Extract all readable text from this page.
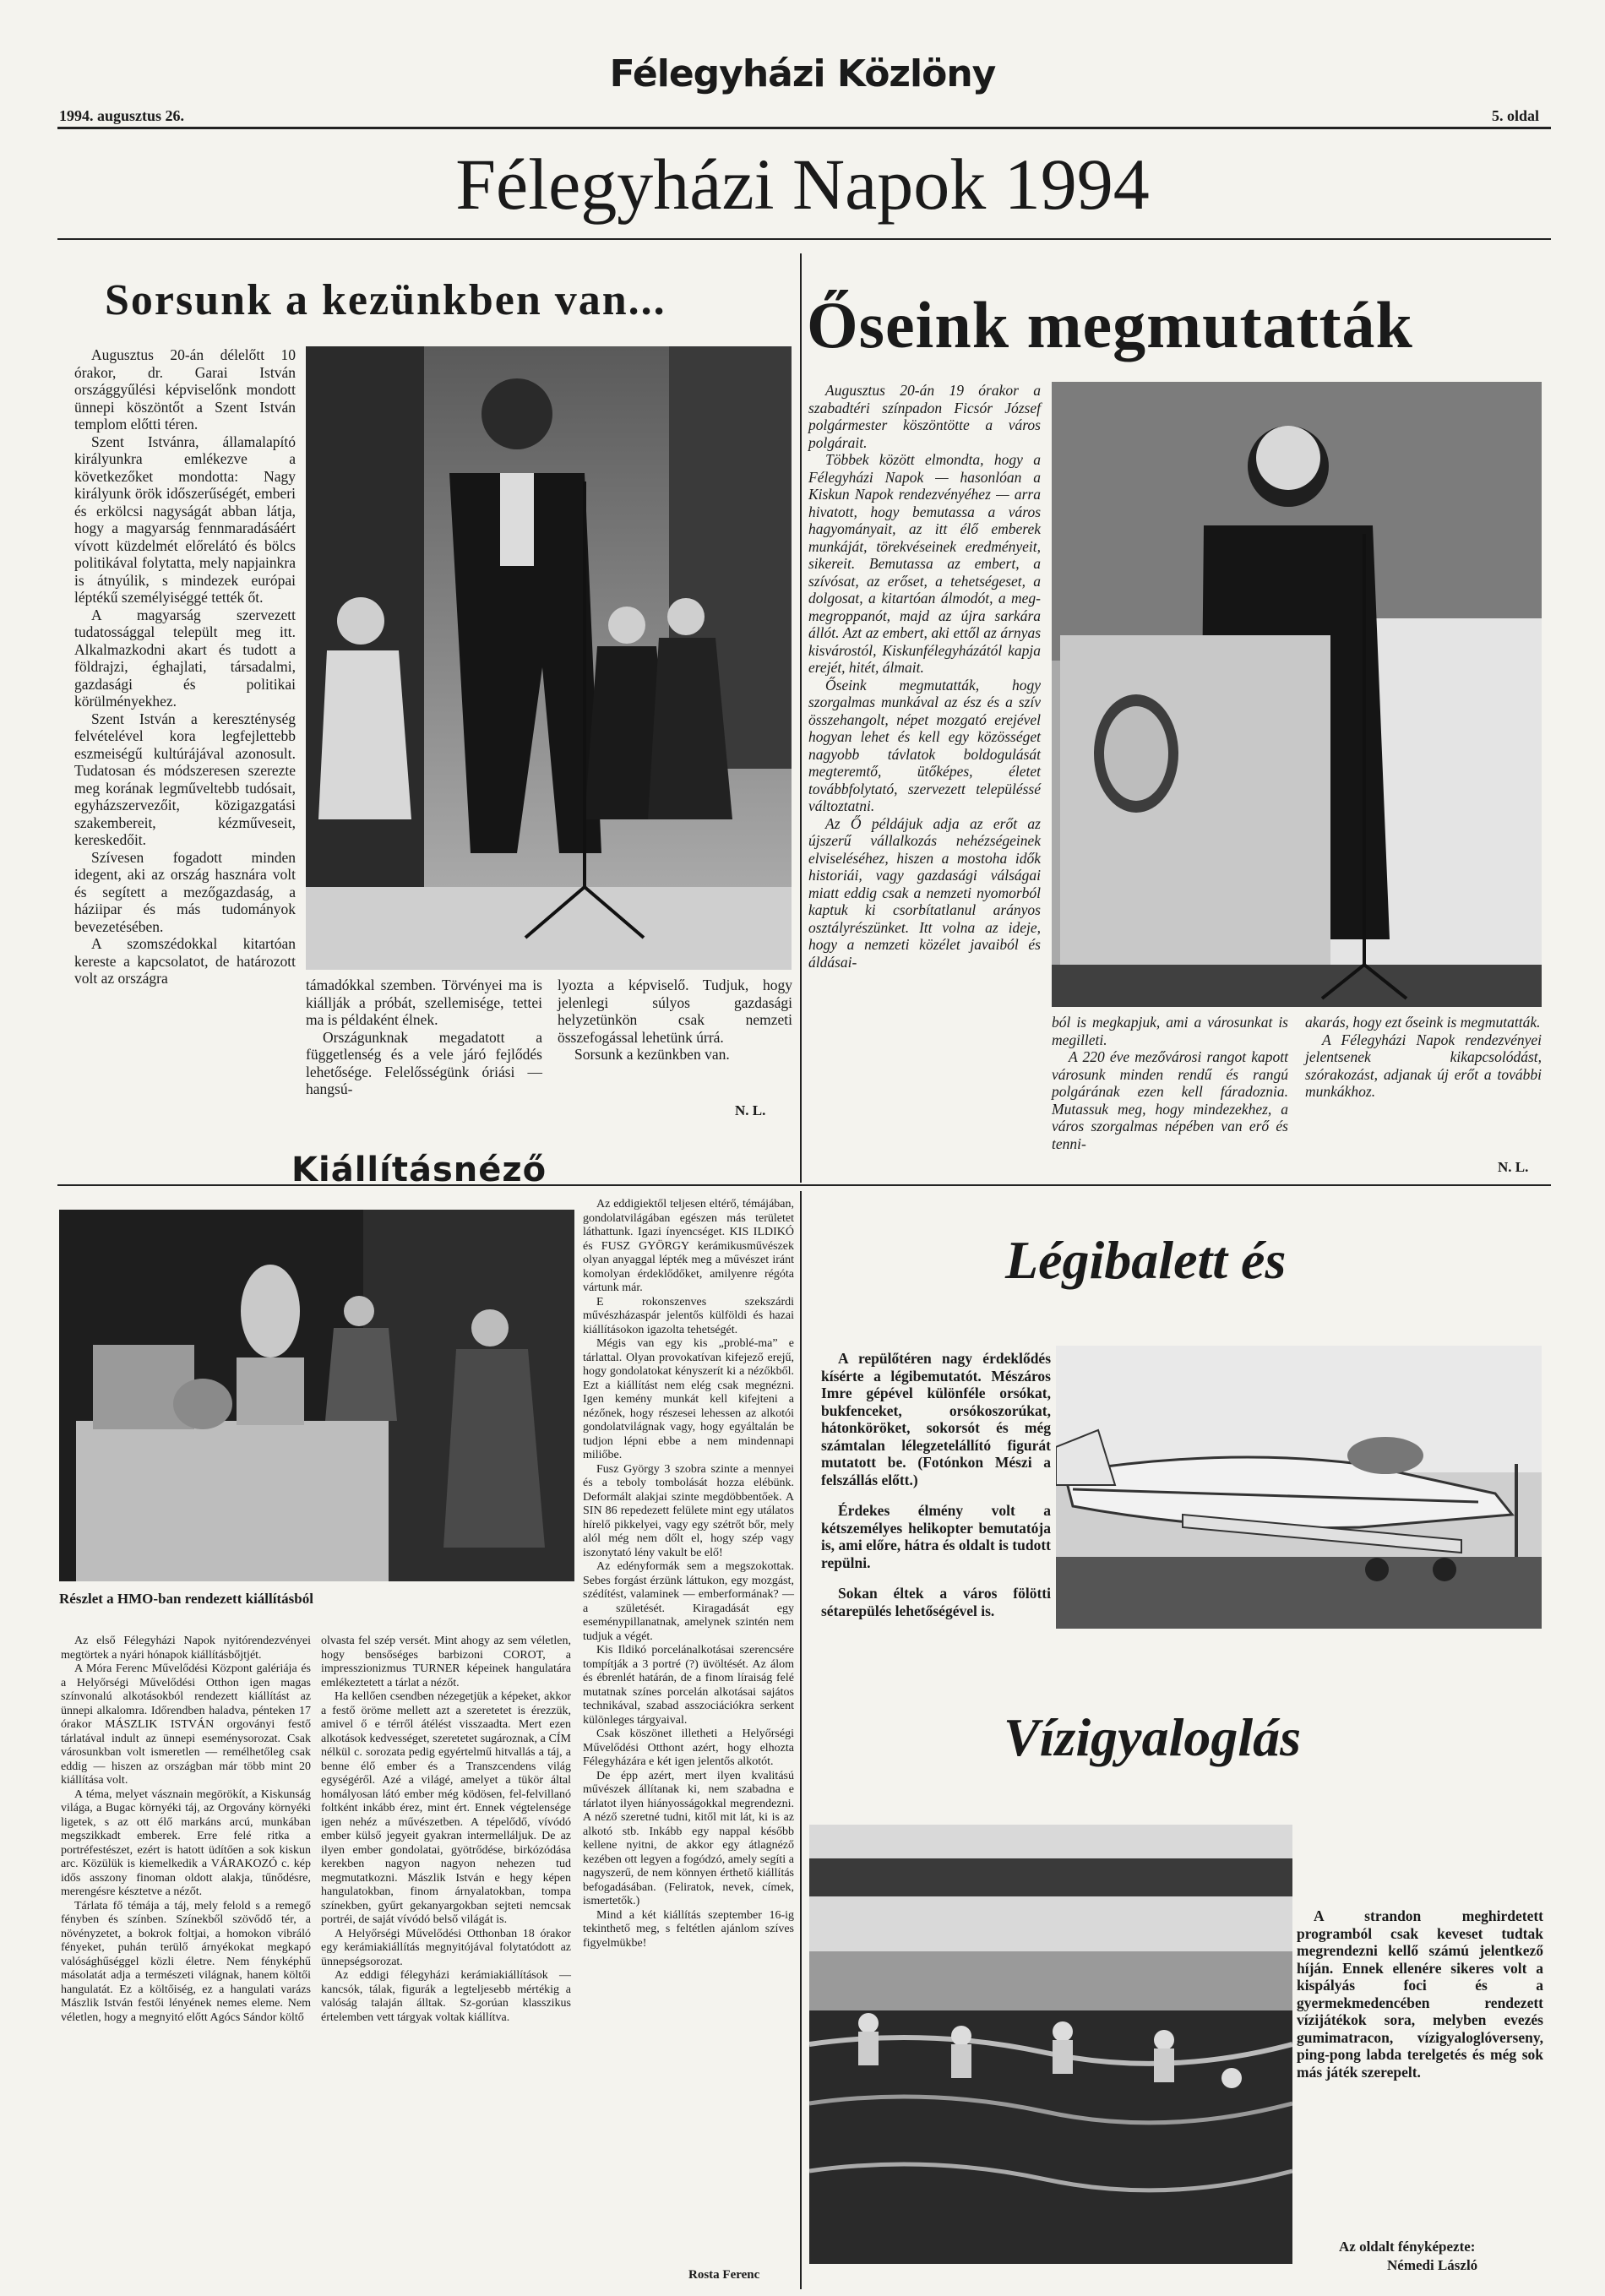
Félegyházi Közlöny
1994. augusztus 26.	5. oldal
Félegyházi Napok 1994
Sorsunk a kezünkben van...

Augusztus 20-án délelőtt 10 órakor, dr. Garai István országgyűlési képviselőnk mondott ünnepi köszöntőt a Szent István templom előtti téren.

Szent Istvánra, államalapító királyunkra emlékezve a következőket mondotta: Nagy királyunk örök időszerűségét, emberi és erkölcsi nagyságát abban látja, hogy a magyarság fennmaradásáért vívott küzdelmét előrelátó és bölcs politikával folytatta, mely napjainkra is átnyúlik, s mindezek európai léptékű személyiséggé tették őt.

A magyarság szervezett tudatossággal települt meg itt. Alkalmazkodni akart és tudott a földrajzi, éghajlati, társadalmi, gazdasági és politikai körülményekhez.

Szent István a kereszténység felvételével kora legfejlettebb eszmeiségű kultúrájával azonosult. Tudatosan és módszeresen szerezte meg korának legműveltebb tudósait, egyházszervezőit, közigazgatási szakembereit, kézműveseit, kereskedőit.

Szívesen fogadott minden idegent, aki az ország hasznára volt és segített a mezőgazdaság, a háziipar és más tudományok bevezetésében.

A szomszédokkal kitartóan kereste a kapcsolatot, de határozott volt az országra	támadókkal szemben. Törvényei ma is kiállják a próbát, szellemisége, tettei ma is példaként élnek.

Országunknak megadatott a függetlenség és a vele járó fejlődés lehetősége. Felelősségünk óriási — hangsú-

lyozta a képviselő. Tudjuk, hogy jelenlegi súlyos gazdasági helyzetünkön csak nemzeti összefogással lehetünk úrrá.

Sorsunk a kezünkben van.

N. L.
Őseink megmutatták

Augusztus 20-án 19 órakor a szabadtéri színpadon Ficsór József polgármester köszöntötte a város polgárait.

Többek között elmondta, hogy a Félegyházi Napok — hasonlóan a Kiskun Napok rendezvényéhez — arra hivatott, hogy bemutassa a város hagyományait, az itt élő emberek munkáját, törekvéseinek eredményeit, sikereit. Bemutassa az embert, a szívósat, az erőset, a tehetségeset, a dolgosat, a kitartóan álmodót, a meg-megroppanót, majd az újra sarkára állót. Azt az embert, aki ettől az árnyas kisvárostól, Kiskunfélegyházától kapja erejét, hitét, álmait.

Őseink megmutatták, hogy szorgalmas munkával az ész és a szív összehangolt, népet mozgató erejével hogyan lehet és kell egy közösséget nagyobb távlatok boldogulását megteremtő, ütőképes, életet továbbfolytató, szervezett településsé változtatni.

Az Ő példájuk adja az erőt az újszerű vállalkozás nehézségeinek elviseléséhez, hiszen a mostoha idők historiái, vagy gazdasági válságai miatt eddig csak a nemzeti nyomorból kaptuk ki csorbítatlanul arányos osztályrészünket. Itt volna az ideje, hogy a nemzeti közélet javaiból és áldásai-

ból is megkapjuk, ami a városunkat is megilleti.

A 220 éve mezővárosi rangot kapott városunk minden rendű és rangú polgárának ezen kell fáradoznia. Mutassuk meg, hogy mindezekhez, a város szorgalmas népében van erő és tenni-

akarás, hogy ezt őseink is megmutatták.

A Félegyházi Napok rendezvényei jelentsenek kikapcsolódást, szórakozást, adjanak új erőt a további munkákhoz.

N. L.
Kiállításnéző
Részlet a HMO-ban rendezett kiállításból

Az eddigiektől teljesen eltérő, témájában, gondolatvilágában egészen más területet láthattunk. Igazi ínyencséget. KIS ILDIKÓ és FUSZ GYÖRGY kerámikusművészek olyan anyaggal lépték meg a művészet iránt komolyan érdeklődőket, amilyenre régóta vártunk már.

E rokonszenves szekszárdi művészházaspár jelentős külföldi és hazai kiállításokon igazolta tehetségét.

Mégis van egy kis „problé-ma” e tárlattal. Olyan provokatívan kifejező erejű, hogy gondolatokat kényszerít ki a nézőkből. Ezt a kiállítást nem elég csak megnézni. Igen kemény munkát kell kifejteni a nézőnek, hogy részesei lehessen az alkotói gondolatvilágnak vagy, hogy egyáltalán be tudjon lépni ebbe a nem mindennapi miliőbe.

Fusz György 3 szobra szinte a mennyei és a teboly tombolását hozza elébünk. Deformált alakjai szinte megdöbbentőek. A SIN 86 repedezett felülete mint egy utálatos hírelő pikkelyei, vagy egy szétrőt bőr, mely alól még nem dőlt el, hogy szép vagy iszonytató lény vakult be elő!

Az edényformák sem a megszokottak. Sebes forgást érzünk láttukon, egy mozgást, szédítést, valaminek — emberformának? — a születését. Kiragadását egy eseménypillanatnak, amelynek szintén nem tudjuk a végét.

Kis Ildikó porcelánalkotásai szerencsére tompítják a 3 portré (?) üvöltését. Az álom és ébrenlét határán, de a finom líraiság felé mutatnak színes porcelán alkotásai sajátos technikával, szabad asszociációkra serkent különleges tárgyaival.

Csak köszönet illetheti a Helyőrségi Művelődési Otthont azért, hogy elhozta Félegyházára e két igen jelentős alkotót.

De épp azért, mert ilyen kvalitású művészek állítanak ki, nem szabadna e tárlatot ilyen hiányosságokkal megrendezni. A néző szeretné tudni, kitől mit lát, ki is az alkotó stb. Inkább egy nappal később kellene nyitni, de akkor egy átlagnéző kezében ott legyen a fogódzó, amely segíti a nagyszerű, de nem könnyen érthető kiállítás befogadásában. (Feliratok, nevek, címek, ismertetők.)

Mind a két kiállítás szeptember 16-ig tekinthető meg, s feltétlen ajánlom szíves figyelmükbe!

Rosta Ferenc

Az első Félegyházi Napok nyitórendezvényei megtörtek a nyári hónapok kiállításbőjtjét.

A Móra Ferenc Művelődési Központ galériája és a Helyőrségi Művelődési Otthon igen magas színvonalú alkotásokból rendezett kiállítást az ünnepi alkalomra. Időrendben haladva, pénteken 17 órakor MÁSZLIK ISTVÁN orgoványi festő tárlatával indult az ünnepi eseménysorozat. Csak városunkban volt ismeretlen — remélhetőleg csak eddig — hiszen az országban már több mint 20 kiállítása volt.

A téma, melyet vásznain megörökít, a Kiskunság világa, a Bugac környéki táj, az Orgovány környéki ligetek, s az ott élő markáns arcú, munkában megszikkadt emberek. Erre felé ritka a portréfestészet, ezért is hatott üdítően a sok kiskun arc. Közülük is kiemelkedik a VÁRAKOZÓ c. kép idős asszony finoman oldott alakja, tűnődésre, merengésre késztetve a nézőt.

Tárlata fő témája a táj, mely felold s a remegő fényben és színben. Színekből szövődő tér, a növényzetet, a bokrok foltjai, a homokon vibráló fényeket, puhán terülő árnyékokat megkapó valósághűséggel közli életre. Nem fényképhű másolatát adja a természeti világnak, hanem költői hangulatát. Ez a költőiség, ez a hangulati varázs Mászlik István festői lényének nemes eleme. Nem véletlen, hogy a megnyitó előtt Agócs Sándor költő

olvasta fel szép versét. Mint ahogy az sem véletlen, hogy bensőséges barbizoni COROT, a impresszionizmus TURNER képeinek hangulatára emlékeztetett a tárlat a nézőt.

Ha kellően csendben nézegetjük a képeket, akkor a festő öröme mellett azt a szeretetet is érezzük, amivel ő e térről átélést visszaadta. Mert ezen alkotások kedvességet, szeretetet sugároznak, a CÍM nélkül c. sorozata pedig egyértelmű hitvallás a táj, a benne élő ember és a Transzcendens világ egységéről. Azé a világé, amelyet a tükör által homályosan látó ember még ködösen, fel-felvillanó foltként inkább érez, mint ért. Ennek végtelensége igen nehéz a művészetben. A tépelődő, vívódó ember külső jegyeit gyakran intermelláljuk. De az ilyen ember gondolatai, gyötrődése, birkózódása kerekben nagyon nagyon nehezen tud megmutatkozni. Mászlik István e hegy képen hangulatokban, finom árnyalatokban, tompa színekben, gyűrt gekanyargokban sejteti nemcsak portréi, de saját vívódó belső világát is.

A Helyőrségi Művelődési Otthonban 18 órakor egy kerámiakiállítás megnyitójával folytatódott az ünnepségsorozat.

Az eddigi félegyházi kerámiakiállítások — kancsók, tálak, figurák a legteljesebb mértékig a valóság talaján álltak. Sz-gorúan klasszikus értelemben vett tárgyak voltak kiállítva.

Légibalett és

A repülőtéren nagy érdeklődés kísérte a légibemutatót. Mészáros Imre gépével különféle orsókat, bukfenceket, orsókoszorúkat, hátonköröket, sokorsót és még számtalan lélegzetelállító figurát mutatott be. (Fotónkon Mészi a felszállás előtt.)

Érdekes élmény volt a kétszemélyes helikopter bemutatója is, ami előre, hátra és oldalt is tudott repülni.

Sokan éltek a város fölötti sétarepülés lehetőségével is.

Vízigyaloglás

A strandon meghirdetett programból csak keveset tudtak megrendezni kellő számú jelentkező híján. Ennek ellenére sikeres volt a kispályás foci és a gyermekmedencében rendezett vízijátékok sora, melyben evezés gumimatracon, vízigyaloglóverseny, ping-pong labda terelgetés és még sok más játék szerepelt.

Az oldalt fényképezte:
Némedi László
